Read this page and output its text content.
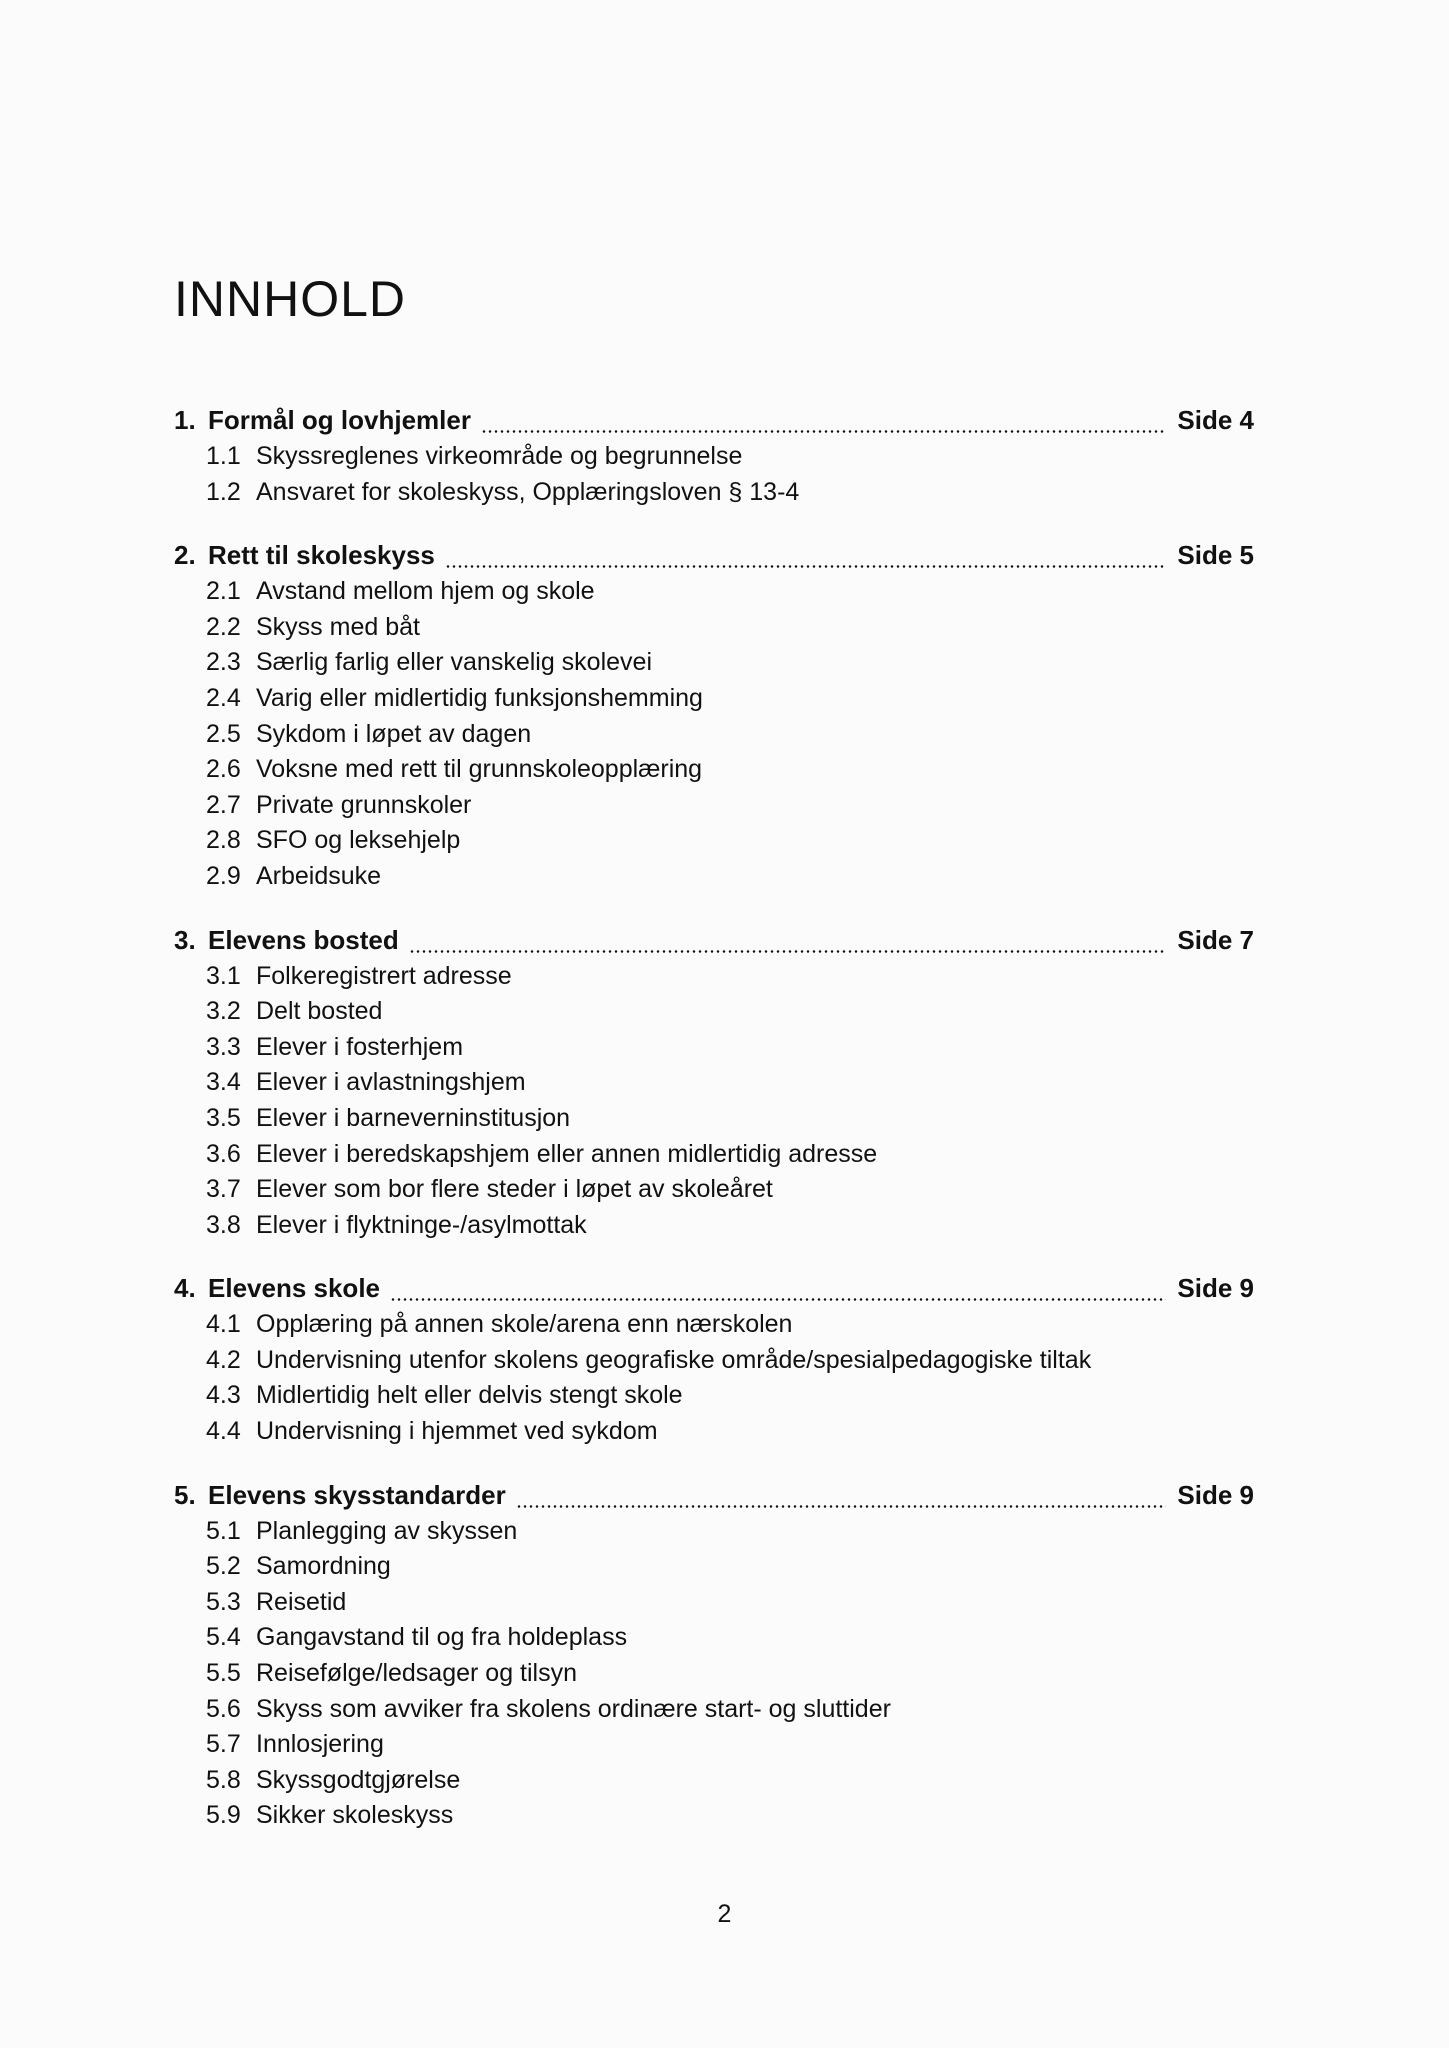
INNHOLD
1. Formål og lovhjemler	Side 4
1.1 Skyssreglenes virkeområde og begrunnelse
1.2 Ansvaret for skoleskyss, Opplæringsloven § 13-4
2. Rett til skoleskyss	Side 5
2.1 Avstand mellom hjem og skole
2.2 Skyss med båt
2.3 Særlig farlig eller vanskelig skolevei
2.4 Varig eller midlertidig funksjonshemming
2.5 Sykdom i løpet av dagen
2.6 Voksne med rett til grunnskoleopplæring
2.7 Private grunnskoler
2.8 SFO og leksehjelp
2.9 Arbeidsuke
3. Elevens bosted	Side 7
3.1 Folkeregistrert adresse
3.2 Delt bosted
3.3 Elever i fosterhjem
3.4 Elever i avlastningshjem
3.5 Elever i barneverninstitusjon
3.6 Elever i beredskapshjem eller annen midlertidig adresse
3.7 Elever som bor flere steder i løpet av skoleåret
3.8 Elever i flyktninge-/asylmottak
4. Elevens skole	Side 9
4.1 Opplæring på annen skole/arena enn nærskolen
4.2 Undervisning utenfor skolens geografiske område/spesialpedagogiske tiltak
4.3 Midlertidig helt eller delvis stengt skole
4.4 Undervisning i hjemmet ved sykdom
5. Elevens skysstandarder	Side 9
5.1 Planlegging av skyssen
5.2 Samordning
5.3 Reisetid
5.4 Gangavstand til og fra holdeplass
5.5 Reisefølge/ledsager og tilsyn
5.6 Skyss som avviker fra skolens ordinære start- og sluttider
5.7 Innlosjering
5.8 Skyssgodtgjørelse
5.9 Sikker skoleskyss
2
